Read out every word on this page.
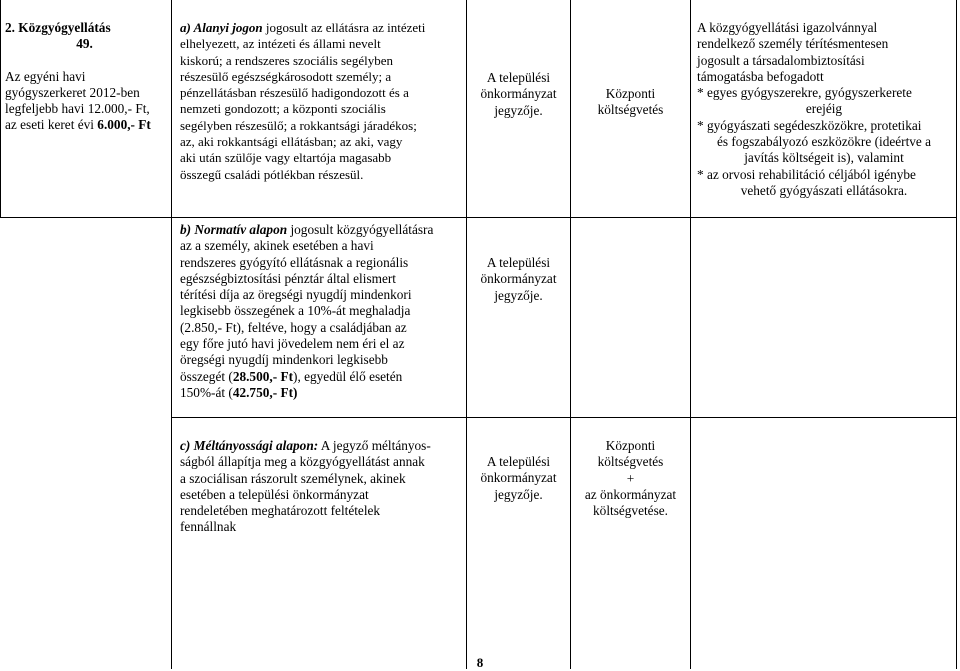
2. Közgyógyellátás

49.

Az egyéni havi

gyógyszerkeret 2012-ben

legfeljebb havi 12.000,- Ft,

az eseti keret évi 6.000,- Ft

a) Alanyi jogon jogosult az ellátásra az intézeti

elhelyezett, az intézeti és állami nevelt

kiskorú; a rendszeres szociális segélyben

részesülő egészségkárosodott személy; a

pénzellátásban részesülő hadigondozott és a

nemzeti gondozott; a központi szociális

segélyben részesülő; a rokkantsági járadékos;

az, aki rokkantsági ellátásban; az aki, vagy

aki után szülője vagy eltartója magasabb

összegű családi pótlékban részesül.

A települési

önkormányzat

jegyzője.

Központi

költségvetés

A közgyógyellátási igazolvánnyal

rendelkező személy térítésmentesen

jogosult a társadalombiztosítási

támogatásba befogadott

* egyes gyógyszerekre, gyógyszerkerete

erejéig

* gyógyászati segédeszközökre, protetikai

és fogszabályozó eszközökre (ideértve a

javítás költségeit is), valamint

* az orvosi rehabilitáció céljából igénybe

vehető gyógyászati ellátásokra.

b) Normatív alapon jogosult közgyógyellátásra

az a személy, akinek esetében a havi

rendszeres gyógyító ellátásnak a regionális

egészségbiztosítási pénztár által elismert

térítési díja az öregségi nyugdíj mindenkori

legkisebb összegének a 10%-át meghaladja

(2.850,- Ft), feltéve, hogy a családjában az

egy főre jutó havi jövedelem nem éri el az

öregségi nyugdíj mindenkori legkisebb

összegét (28.500,- Ft), egyedül élő esetén

150%-át (42.750,- Ft)

A települési

önkormányzat

jegyzője.

c) Méltányossági alapon: A jegyző méltányos-

ságból állapítja meg a közgyógyellátást annak

a szociálisan rászorult személynek, akinek

esetében a települési önkormányzat

rendeletében meghatározott feltételek

fennállnak

A települési

önkormányzat

jegyzője.

Központi

költségvetés

+

az önkormányzat

költségvetése.

8
